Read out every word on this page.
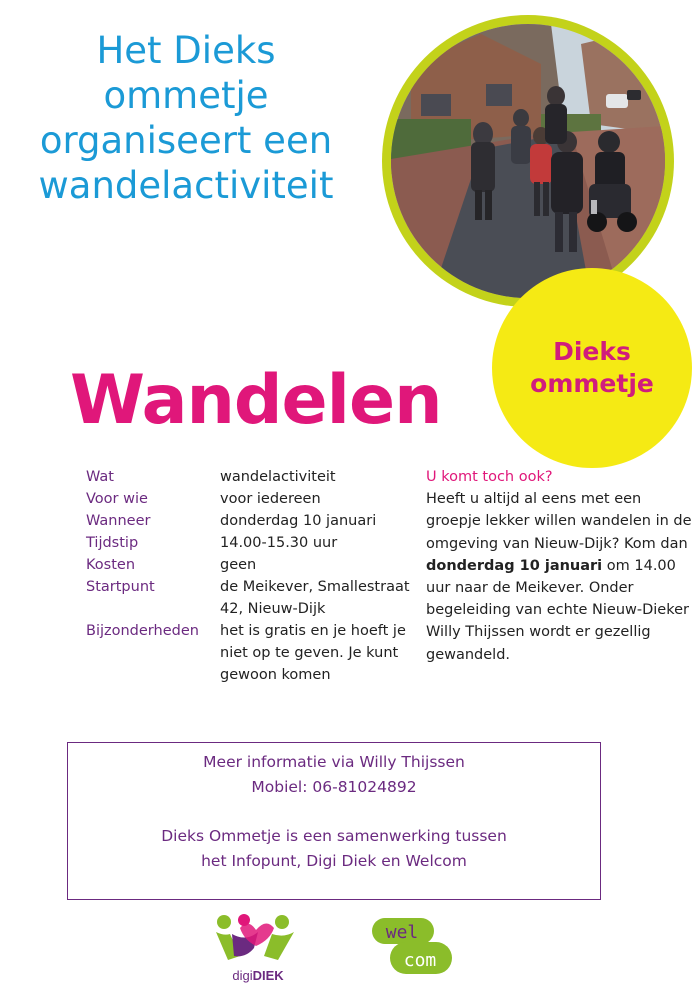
Het Dieks
ommetje
organiseert een
wandelactiviteit
Dieks
ommetje
Wandelen
Wat	wandelactiviteit
Voor wie	voor iedereen
Wanneer	donderdag 10 januari
Tijdstip	14.00-15.30 uur
Kosten	geen
Startpunt	de Meikever, Smallestraat 42, Nieuw-Dijk
Bijzonderheden	het is gratis en je hoeft je niet op te geven. Je kunt gewoon komen
U komt toch ook?
Heeft u altijd al eens met een groepje lekker willen wandelen in de omgeving van Nieuw-Dijk? Kom dan donderdag 10 januari om 14.00 uur naar de Meikever. Onder begeleiding van echte Nieuw-Dieker Willy Thijssen wordt er gezellig gewandeld.
Meer informatie via Willy Thijssen
Mobiel: 06-81024892
Dieks Ommetje is een samenwerking tussen
het Infopunt, Digi Diek en Welcom
digiDIEK
wel
com
